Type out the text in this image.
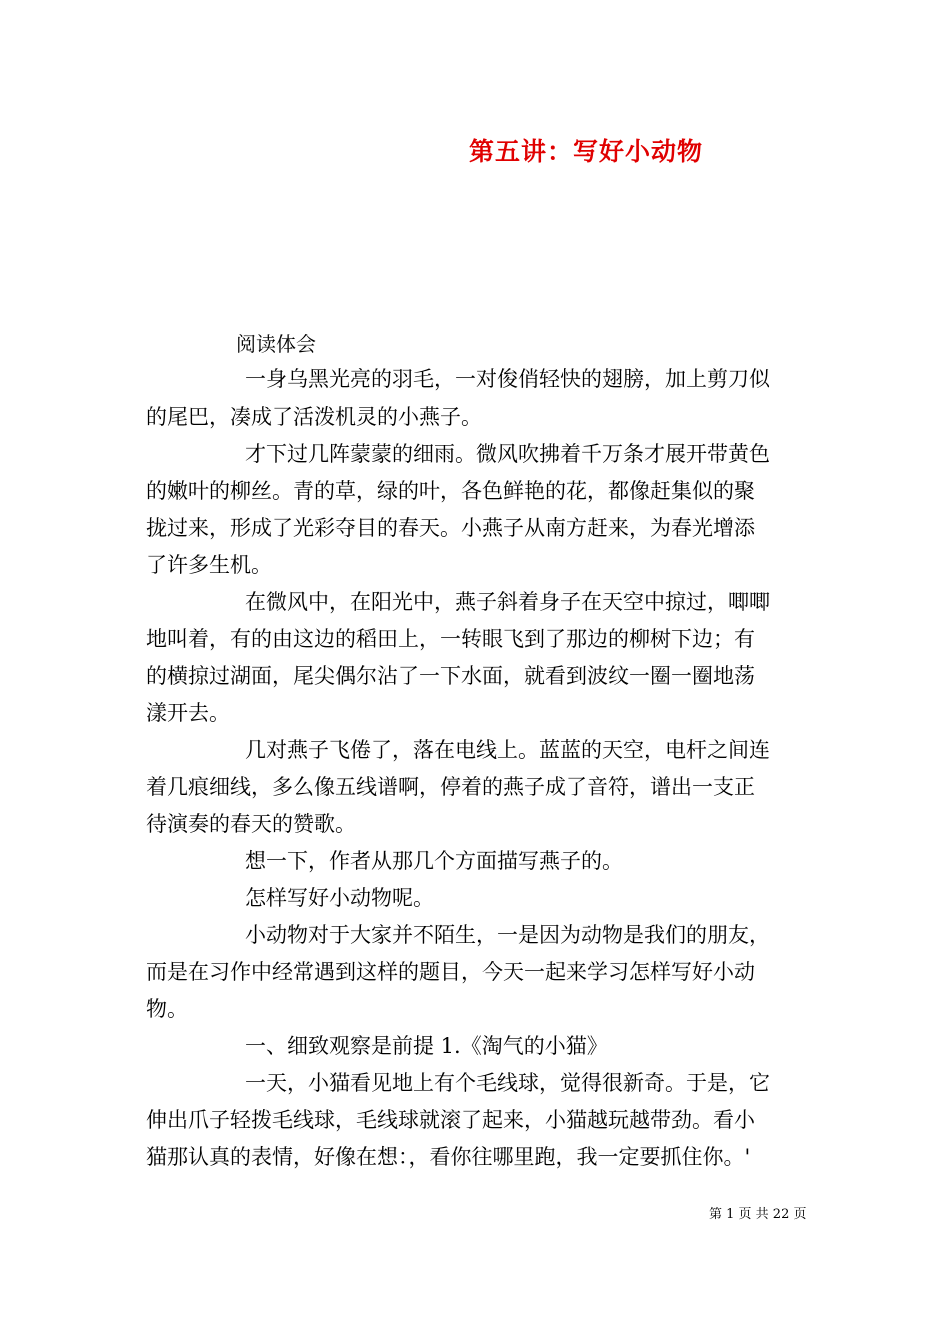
第五讲：写好小动物
阅读体会
一身乌黑光亮的羽毛，一对俊俏轻快的翅膀，加上剪刀似
的尾巴，凑成了活泼机灵的小燕子。
才下过几阵蒙蒙的细雨。微风吹拂着千万条才展开带黄色
的嫩叶的柳丝。青的草，绿的叶，各色鲜艳的花，都像赶集似的聚
拢过来，形成了光彩夺目的春天。小燕子从南方赶来，为春光增添
了许多生机。
在微风中，在阳光中，燕子斜着身子在天空中掠过，唧唧
地叫着，有的由这边的稻田上，一转眼飞到了那边的柳树下边；有
的横掠过湖面，尾尖偶尔沾了一下水面，就看到波纹一圈一圈地荡
漾开去。
几对燕子飞倦了，落在电线上。蓝蓝的天空，电杆之间连
着几痕细线，多么像五线谱啊，停着的燕子成了音符，谱出一支正
待演奏的春天的赞歌。
想一下，作者从那几个方面描写燕子的。
怎样写好小动物呢。
小动物对于大家并不陌生，一是因为动物是我们的朋友，
而是在习作中经常遇到这样的题目，今天一起来学习怎样写好小动
物。
一、细致观察是前提 1.《淘气的小猫》
一天，小猫看见地上有个毛线球，觉得很新奇。于是，它
伸出爪子轻拨毛线球，毛线球就滚了起来，小猫越玩越带劲。看小
猫那认真的表情，好像在想：，看你往哪里跑，我一定要抓住你。'
第 1 页 共 22 页
